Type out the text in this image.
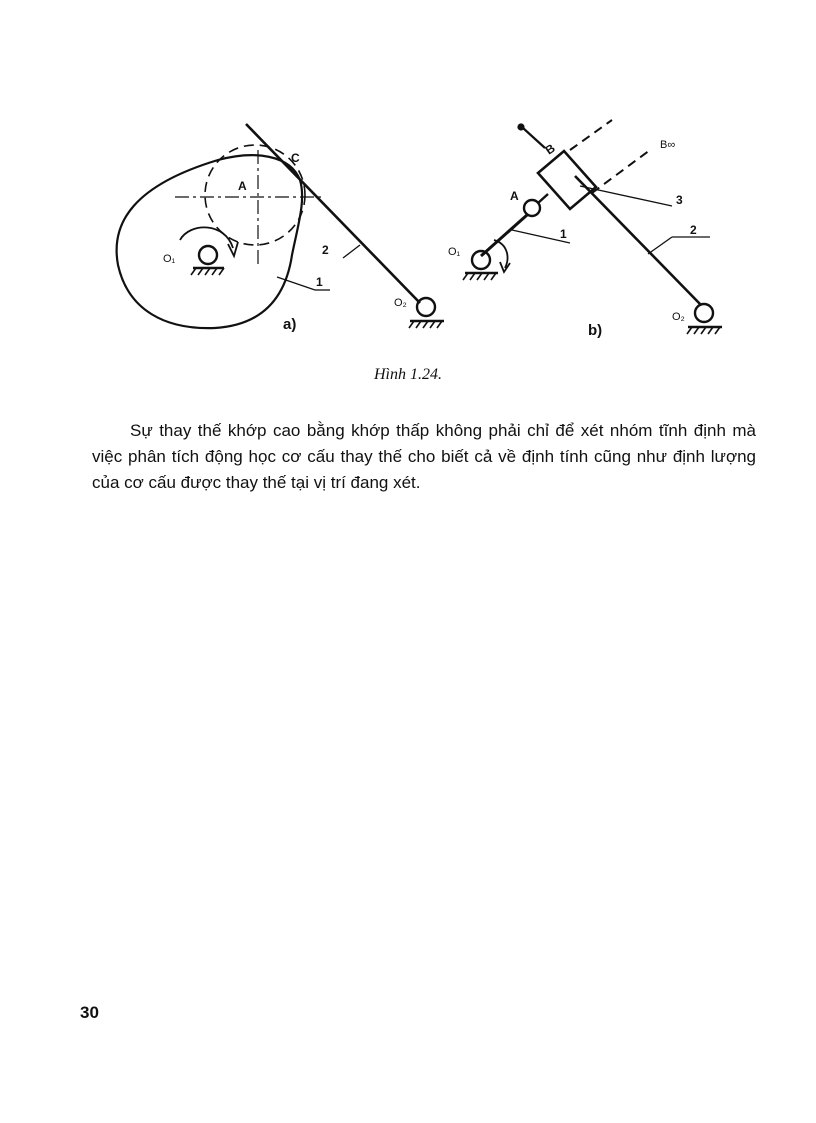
C
A
O₁
2
1
O₂
a)
B	B∞
A	3
1	2
O₁
O₂
b)
Hình 1.24.
Sự thay thế khớp cao bằng khớp thấp không phải chỉ để xét nhóm tĩnh định mà việc phân tích động học cơ cấu thay thế cho biết cả về định tính cũng như định lượng của cơ cấu được thay thế tại vị trí đang xét.
30
